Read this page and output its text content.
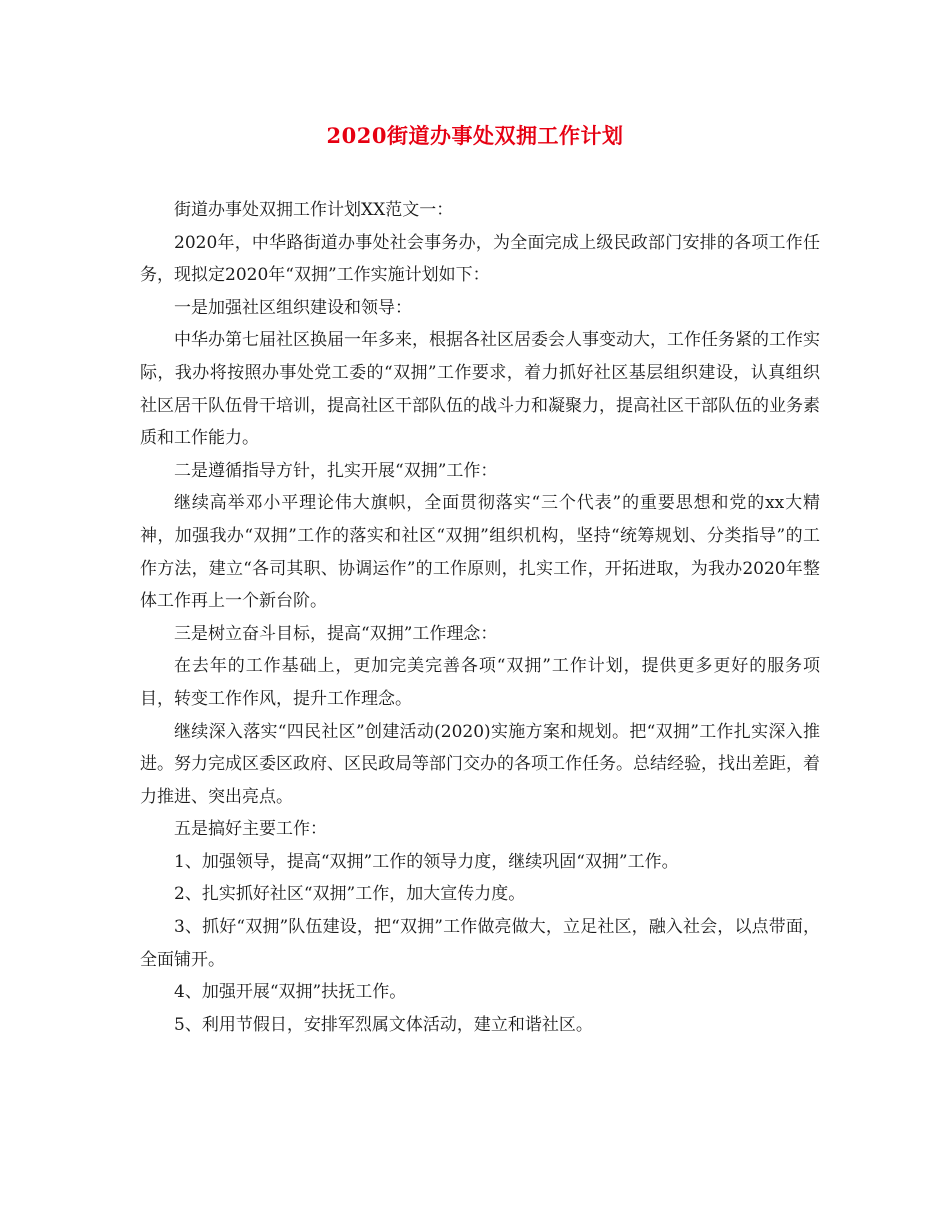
2020街道办事处双拥工作计划

街道办事处双拥工作计划XX范文一：

2020年，中华路街道办事处社会事务办，为全面完成上级民政部门安排的各项工作任务，现拟定2020年“双拥”工作实施计划如下：

一是加强社区组织建设和领导：

中华办第七届社区换届一年多来，根据各社区居委会人事变动大，工作任务紧的工作实际，我办将按照办事处党工委的“双拥”工作要求，着力抓好社区基层组织建设，认真组织社区居干队伍骨干培训，提高社区干部队伍的战斗力和凝聚力，提高社区干部队伍的业务素质和工作能力。

二是遵循指导方针，扎实开展“双拥”工作：

继续高举邓小平理论伟大旗帜，全面贯彻落实“三个代表”的重要思想和党的xx大精神，加强我办“双拥”工作的落实和社区“双拥”组织机构，坚持“统筹规划、分类指导”的工作方法，建立“各司其职、协调运作”的工作原则，扎实工作，开拓进取，为我办2020年整体工作再上一个新台阶。

三是树立奋斗目标，提高“双拥”工作理念：

在去年的工作基础上，更加完美完善各项“双拥”工作计划，提供更多更好的服务项目，转变工作作风，提升工作理念。

继续深入落实“四民社区”创建活动(2020)实施方案和规划。把“双拥”工作扎实深入推进。努力完成区委区政府、区民政局等部门交办的各项工作任务。总结经验，找出差距，着力推进、突出亮点。

五是搞好主要工作：

1、加强领导，提高“双拥”工作的领导力度，继续巩固“双拥”工作。

2、扎实抓好社区“双拥”工作，加大宣传力度。

3、抓好“双拥”队伍建设，把“双拥”工作做亮做大，立足社区，融入社会，以点带面，全面铺开。

4、加强开展“双拥”扶抚工作。

5、利用节假日，安排军烈属文体活动，建立和谐社区。
